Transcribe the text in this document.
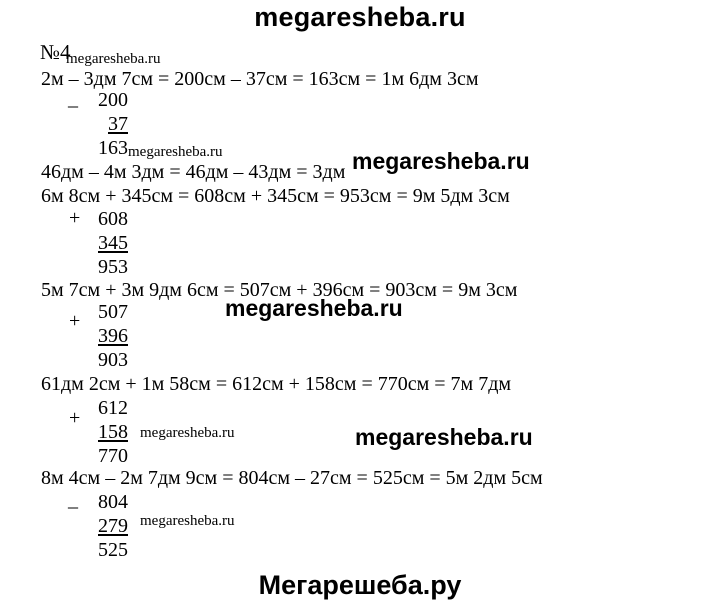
megaresheba.ru
№4
megaresheba.ru
2м – 3дм 7см = 200см – 37см = 163см = 1м 6дм 3см
_	200
37
163 megaresheba.ru
46дм – 4м 3дм = 46дм – 43дм = 3дм megaresheba.ru
6м 8см + 345см = 608см + 345см = 953см = 9м 5дм 3см
+ 608
345
953
5м 7см + 3м 9дм 6см = 507см + 396см = 903см = 9м 3см
+ 507
396
903
megaresheba.ru
61дм 2см + 1м 58см = 612см + 158см = 770см = 7м 7дм
+ 612
158
770
megaresheba.ru	megaresheba.ru
8м 4см – 2м 7дм 9см = 804см – 27см = 525см = 5м 2дм 5см
_	804
279
525
megaresheba.ru
Мегарешеба.ру
